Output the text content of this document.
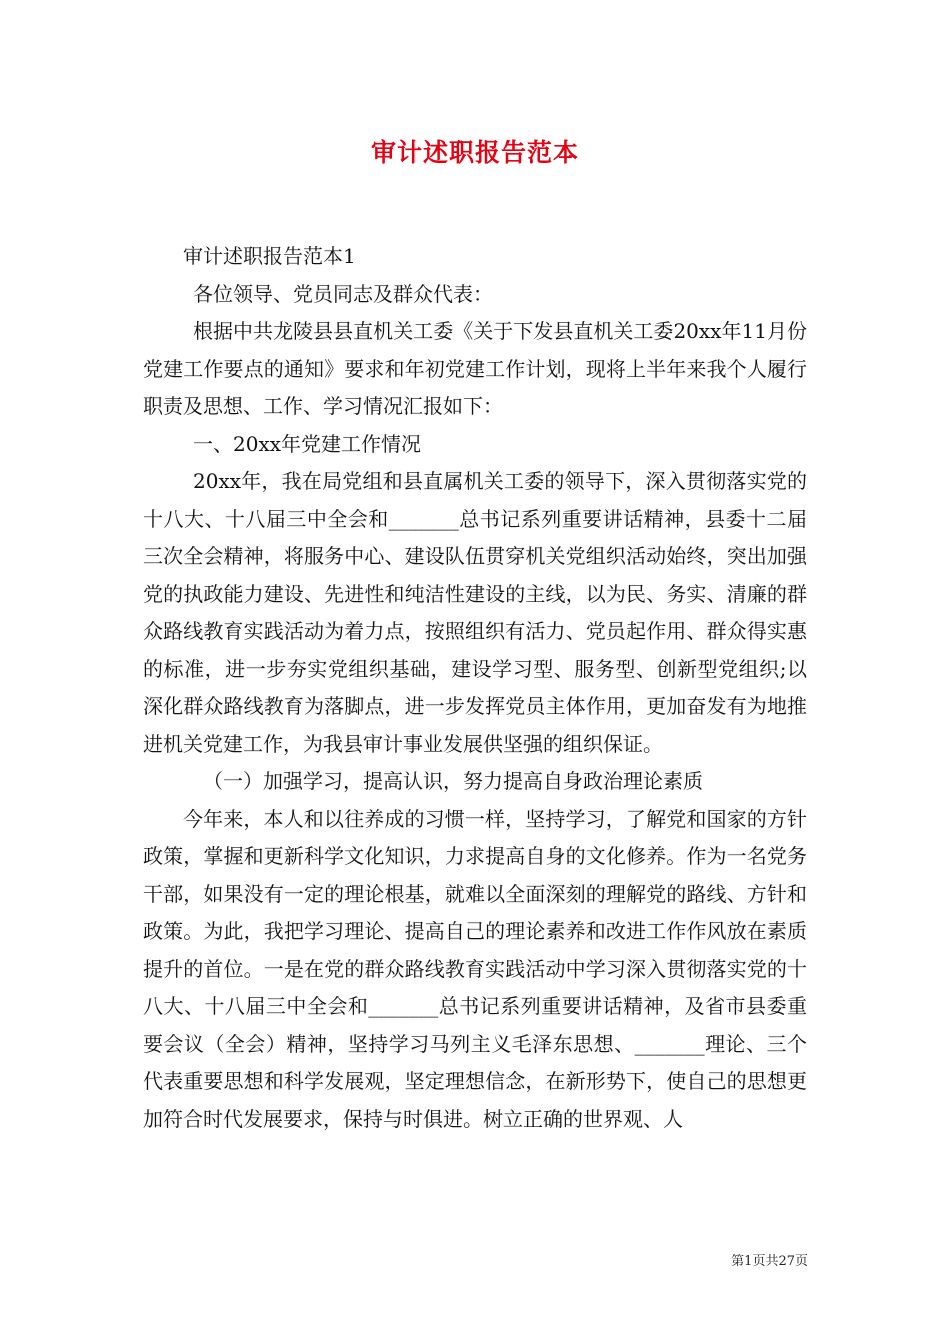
审计述职报告范本

审计述职报告范本1

各位领导、党员同志及群众代表：

根据中共龙陵县县直机关工委《关于下发县直机关工委20xx年11月份党建工作要点的通知》要求和年初党建工作计划，现将上半年来我个人履行职责及思想、工作、学习情况汇报如下：

一、20xx年党建工作情况

20xx年，我在局党组和县直属机关工委的领导下，深入贯彻落实党的十八大、十八届三中全会和_______总书记系列重要讲话精神，县委十二届三次全会精神，将服务中心、建设队伍贯穿机关党组织活动始终，突出加强党的执政能力建设、先进性和纯洁性建设的主线，以为民、务实、清廉的群众路线教育实践活动为着力点，按照组织有活力、党员起作用、群众得实惠的标准，进一步夯实党组织基础，建设学习型、服务型、创新型党组织;以深化群众路线教育为落脚点，进一步发挥党员主体作用，更加奋发有为地推进机关党建工作，为我县审计事业发展供坚强的组织保证。

（一）加强学习，提高认识，努力提高自身政治理论素质

今年来，本人和以往养成的习惯一样，坚持学习，了解党和国家的方针政策，掌握和更新科学文化知识，力求提高自身的文化修养。作为一名党务干部，如果没有一定的理论根基，就难以全面深刻的理解党的路线、方针和政策。为此，我把学习理论、提高自己的理论素养和改进工作作风放在素质提升的首位。一是在党的群众路线教育实践活动中学习深入贯彻落实党的十八大、十八届三中全会和_______总书记系列重要讲话精神，及省市县委重要会议（全会）精神，坚持学习马列主义毛泽东思想、_______理论、三个代表重要思想和科学发展观，坚定理想信念，在新形势下，使自己的思想更加符合时代发展要求，保持与时俱进。树立正确的世界观、人

第1页共27页
